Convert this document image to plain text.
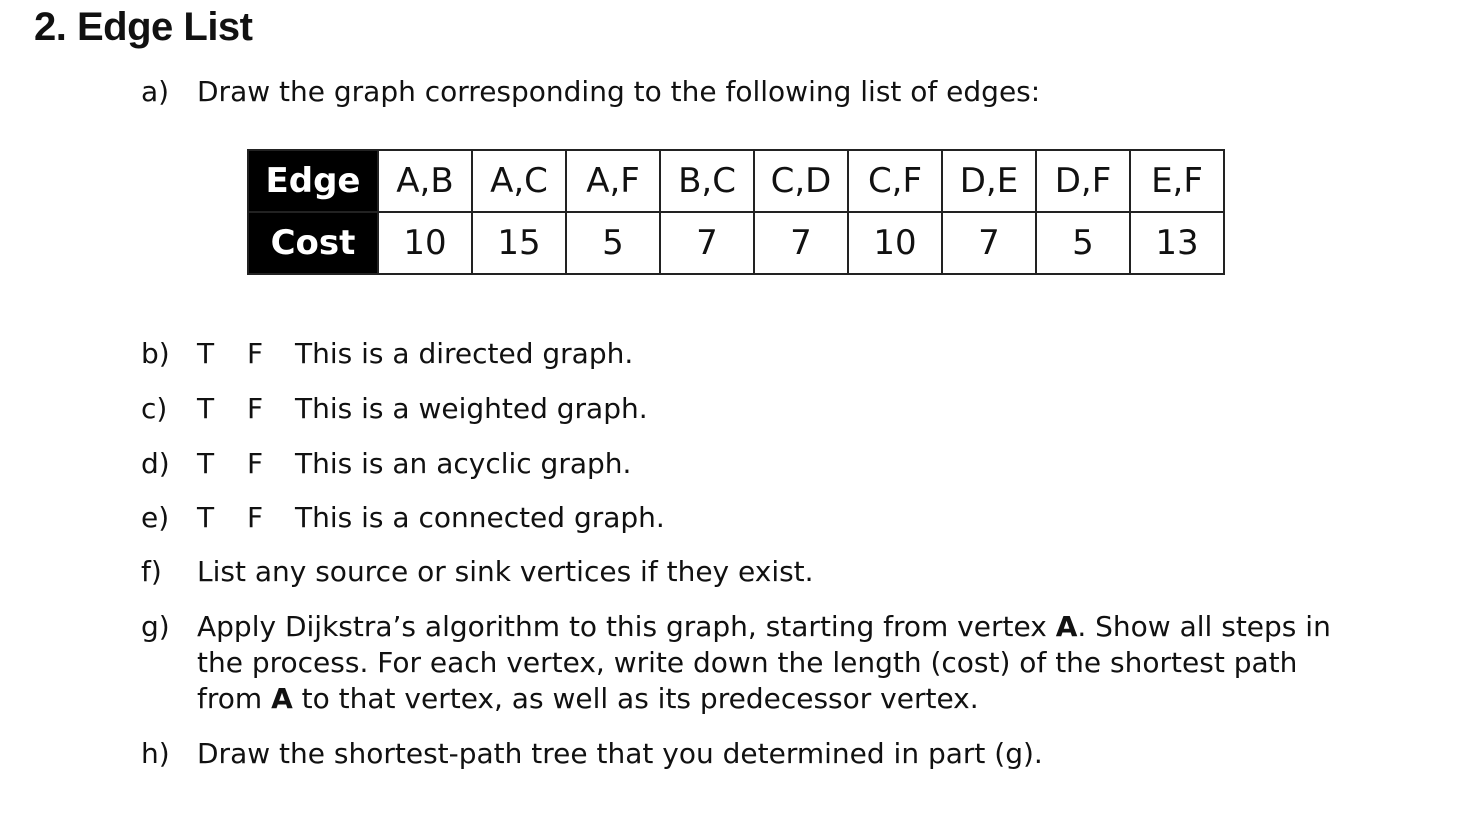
2. Edge List
a) Draw the graph corresponding to the following list of edges:
Edge	A,B	A,C	A,F	B,C	C,D	C,F	D,E	D,F	E,F
Cost	10	15	5	7	7	10	7	5	13
b) T F This is a directed graph.
c) T F This is a weighted graph.
d) T F This is an acyclic graph.
e) T F This is a connected graph.
f) List any source or sink vertices if they exist.
g) Apply Dijkstra’s algorithm to this graph, starting from vertex A. Show all steps in
the process. For each vertex, write down the length (cost) of the shortest path
from A to that vertex, as well as its predecessor vertex.
h) Draw the shortest-path tree that you determined in part (g).
